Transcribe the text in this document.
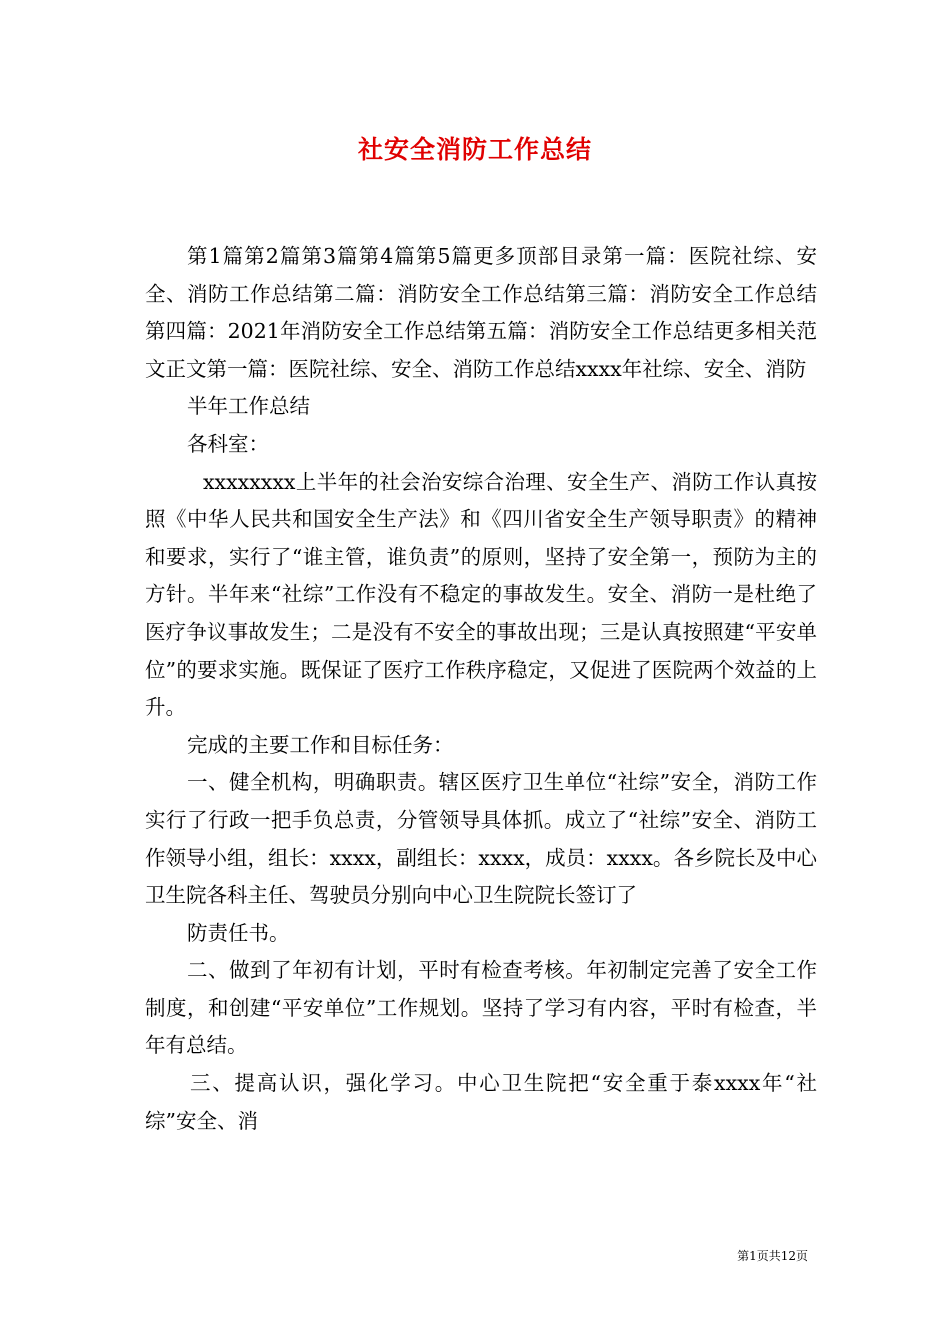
社安全消防工作总结

第1篇第2篇第3篇第4篇第5篇更多顶部目录第一篇：医院社综、安全、消防工作总结第二篇：消防安全工作总结第三篇：消防安全工作总结第四篇：2021年消防安全工作总结第五篇：消防安全工作总结更多相关范文正文第一篇：医院社综、安全、消防工作总结xxxx年社综、安全、消防

半年工作总结

各科室：

xxxxxxxx上半年的社会治安综合治理、安全生产、消防工作认真按照《中华人民共和国安全生产法》和《四川省安全生产领导职责》的精神和要求，实行了“谁主管，谁负责”的原则，坚持了安全第一，预防为主的方针。半年来“社综”工作没有不稳定的事故发生。安全、消防一是杜绝了医疗争议事故发生；二是没有不安全的事故出现；三是认真按照建“平安单位”的要求实施。既保证了医疗工作秩序稳定，又促进了医院两个效益的上升。

完成的主要工作和目标任务：

一、健全机构，明确职责。辖区医疗卫生单位“社综”安全，消防工作实行了行政一把手负总责，分管领导具体抓。成立了“社综”安全、消防工作领导小组，组长：xxxx，副组长：xxxx，成员：xxxx。各乡院长及中心卫生院各科主任、驾驶员分别向中心卫生院院长签订了

防责任书。

二、做到了年初有计划，平时有检查考核。年初制定完善了安全工作制度，和创建“平安单位”工作规划。坚持了学习有内容，平时有检查，半年有总结。

三、提高认识，强化学习。中心卫生院把“安全重于泰xxxx年“社综”安全、消

第1页共12页
